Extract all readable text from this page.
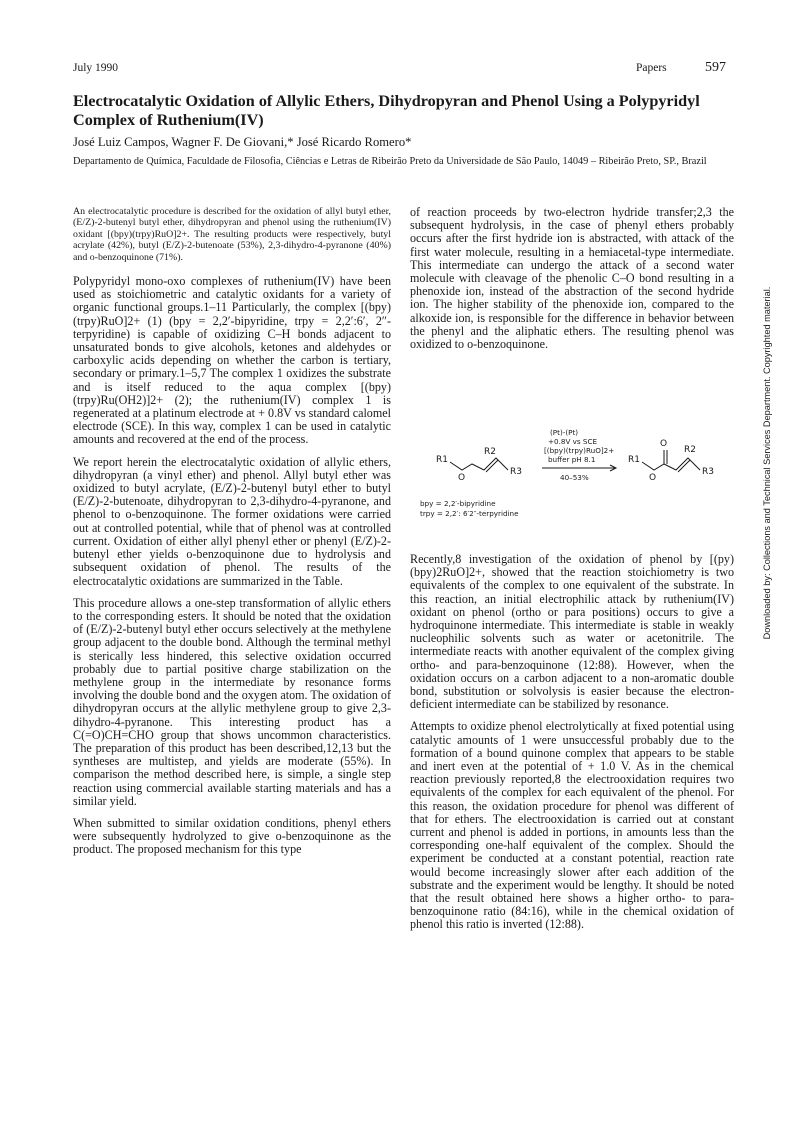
July 1990	Papers	597
Electrocatalytic Oxidation of Allylic Ethers, Dihydropyran and Phenol Using a Polypyridyl Complex of Ruthenium(IV)
José Luiz Campos, Wagner F. De Giovani,* José Ricardo Romero*
Departamento de Química, Faculdade de Filosofia, Ciências e Letras de Ribeirão Preto da Universidade de São Paulo, 14049 – Ribeirão Preto, SP., Brazil

An electrocatalytic procedure is described for the oxidation of allyl butyl ether, (E/Z)-2-butenyl butyl ether, dihydropyran and phenol using the ruthenium(IV) oxidant [(bpy)(trpy)RuO]2+. The resulting products were respectively, butyl acrylate (42%), butyl (E/Z)-2-butenoate (53%), 2,3-dihydro-4-pyranone (40%) and o-benzoquinone (71%).

Polypyridyl mono-oxo complexes of ruthenium(IV) have been used as stoichiometric and catalytic oxidants for a variety of organic functional groups.1–11 Particularly, the complex [(bpy)(trpy)RuO]2+ (1) (bpy = 2,2′-bipyridine, trpy = 2,2′:6′, 2″-terpyridine) is capable of oxidizing C–H bonds adjacent to unsaturated bonds to give alcohols, ketones and aldehydes or carboxylic acids depending on whether the carbon is tertiary, secondary or primary.1–5,7 The complex 1 oxidizes the substrate and is itself reduced to the aqua complex [(bpy)(trpy)Ru(OH2)]2+ (2); the ruthenium(IV) complex 1 is regenerated at a platinum electrode at + 0.8V vs standard calomel electrode (SCE). In this way, complex 1 can be used in catalytic amounts and recovered at the end of the process.

We report herein the electrocatalytic oxidation of allylic ethers, dihydropyran (a vinyl ether) and phenol. Allyl butyl ether was oxidized to butyl acrylate, (E/Z)-2-butenyl butyl ether to butyl (E/Z)-2-butenoate, dihydropyran to 2,3-dihydro-4-pyranone, and phenol to o-benzoquinone. The former oxidations were carried out at controlled potential, while that of phenol was at controlled current. Oxidation of either allyl phenyl ether or phenyl (E/Z)-2-butenyl ether yields o-benzoquinone due to hydrolysis and subsequent oxidation of phenol. The results of the electrocatalytic oxidations are summarized in the Table.

This procedure allows a one-step transformation of allylic ethers to the corresponding esters. It should be noted that the oxidation of (E/Z)-2-butenyl butyl ether occurs selectively at the methylene group adjacent to the double bond. Although the terminal methyl is sterically less hindered, this selective oxidation occurred probably due to partial positive charge stabilization on the methylene group in the intermediate by resonance forms involving the double bond and the oxygen atom. The oxidation of dihydropyran occurs at the allylic methylene group to give 2,3-dihydro-4-pyranone. This interesting product has a C(=O)CH=CHO group that shows uncommon characteristics. The preparation of this product has been described,12,13 but the syntheses are multistep, and yields are moderate (55%). In comparison the method described here, is simple, a single step reaction using commercial available starting materials and has a similar yield.

When submitted to similar oxidation conditions, phenyl ethers were subsequently hydrolyzed to give o-benzoquinone as the product. The proposed mechanism for this type

of reaction proceeds by two-electron hydride transfer;2,3 the subsequent hydrolysis, in the case of phenyl ethers probably occurs after the first hydride ion is abstracted, with attack of the first water molecule, resulting in a hemiacetal-type intermediate. This intermediate can undergo the attack of a second water molecule with cleavage of the phenolic C–O bond resulting in a phenoxide ion, instead of the abstraction of the second hydride ion. The higher stability of the phenoxide ion, compared to the alkoxide ion, is responsible for the difference in behavior between the phenyl and the aliphatic ethers. The resulting phenol was oxidized to o-benzoquinone.

R1
R2
R3
O
R1
R2
R3
O
O
(Pt)-(Pt)
+0.8V vs SCE
[(bpy)(trpy)RuO]2+
buffer pH 8.1
40–53%
bpy = 2,2′-bipyridine
trpy = 2,2′: 6′2″-terpyridine

Recently,8 investigation of the oxidation of phenol by [(py)(bpy)2RuO]2+, showed that the reaction stoichiometry is two equivalents of the complex to one equivalent of the substrate. In this reaction, an initial electrophilic attack by ruthenium(IV) oxidant on phenol (ortho or para positions) occurs to give a hydroquinone intermediate. This intermediate is stable in weakly nucleophilic solvents such as water or acetonitrile. The intermediate reacts with another equivalent of the complex giving ortho- and para-benzoquinone (12:88). However, when the oxidation occurs on a carbon adjacent to a non-aromatic double bond, substitution or solvolysis is easier because the electron-deficient intermediate can be stabilized by resonance.

Attempts to oxidize phenol electrolytically at fixed potential using catalytic amounts of 1 were unsuccessful probably due to the formation of a bound quinone complex that appears to be stable and inert even at the potential of + 1.0 V. As in the chemical reaction previously reported,8 the electrooxidation requires two equivalents of the complex for each equivalent of the phenol. For this reason, the oxidation procedure for phenol was different of that for ethers. The electrooxidation is carried out at constant current and phenol is added in portions, in amounts less than the corresponding one-half equivalent of the complex. Should the experiment be conducted at a constant potential, reaction rate would become increasingly slower after each addition of the substrate and the experiment would be lengthy. It should be noted that the result obtained here shows a higher ortho- to para-benzoquinone ratio (84:16), while in the chemical oxidation of phenol this ratio is inverted (12:88).

Downloaded by: Collections and Technical Services Department. Copyrighted material.
